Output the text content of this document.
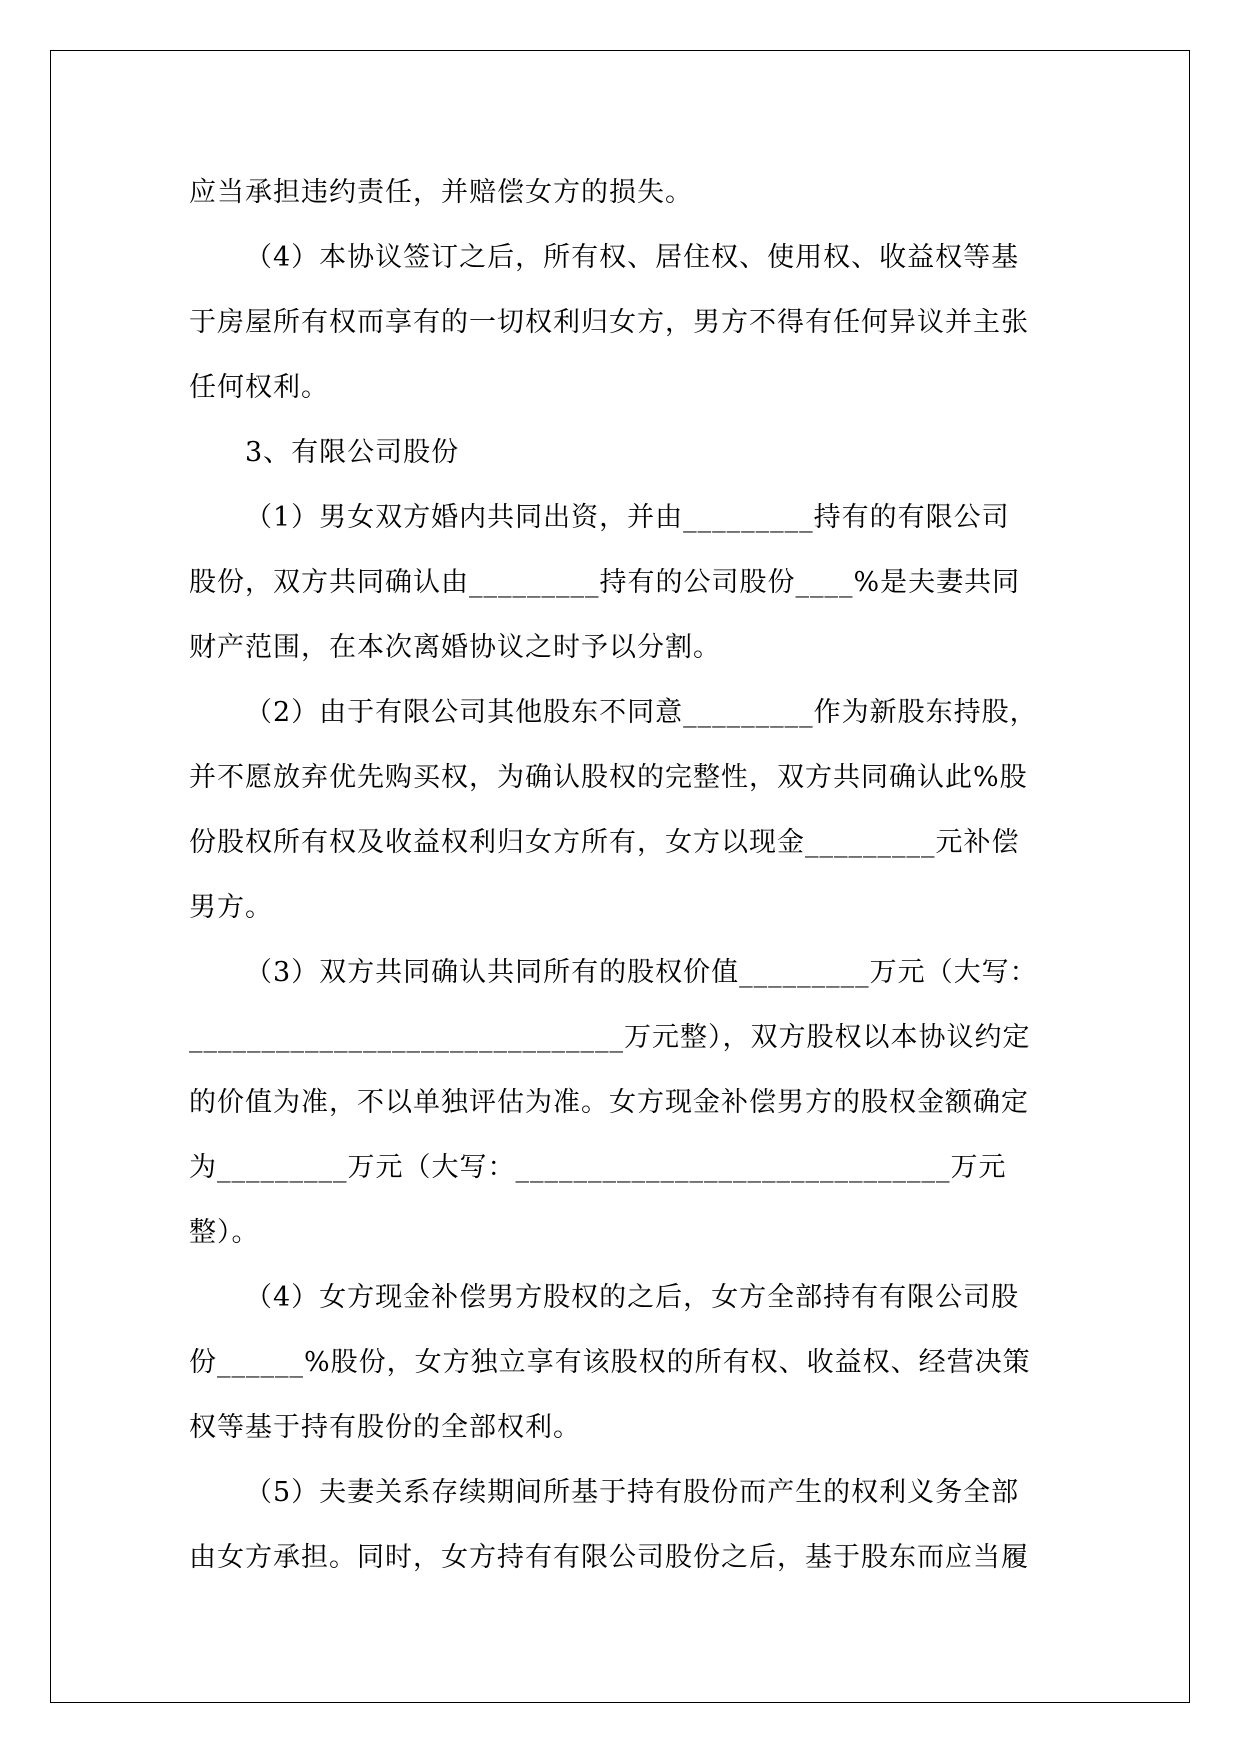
应当承担违约责任，并赔偿女方的损失。

（4）本协议签订之后，所有权、居住权、使用权、收益权等基

于房屋所有权而享有的一切权利归女方，男方不得有任何异议并主张

任何权利。

3、有限公司股份

（1）男女双方婚内共同出资，并由_________持有的有限公司

股份，双方共同确认由_________持有的公司股份____%是夫妻共同

财产范围，在本次离婚协议之时予以分割。

（2）由于有限公司其他股东不同意_________作为新股东持股，

并不愿放弃优先购买权，为确认股权的完整性，双方共同确认此%股

份股权所有权及收益权利归女方所有，女方以现金_________元补偿

男方。

（3）双方共同确认共同所有的股权价值_________万元（大写：

______________________________万元整），双方股权以本协议约定

的价值为准，不以单独评估为准。女方现金补偿男方的股权金额确定

为_________万元（大写：______________________________万元

整）。

（4）女方现金补偿男方股权的之后，女方全部持有有限公司股

份______%股份，女方独立享有该股权的所有权、收益权、经营决策

权等基于持有股份的全部权利。

（5）夫妻关系存续期间所基于持有股份而产生的权利义务全部

由女方承担。同时，女方持有有限公司股份之后，基于股东而应当履
